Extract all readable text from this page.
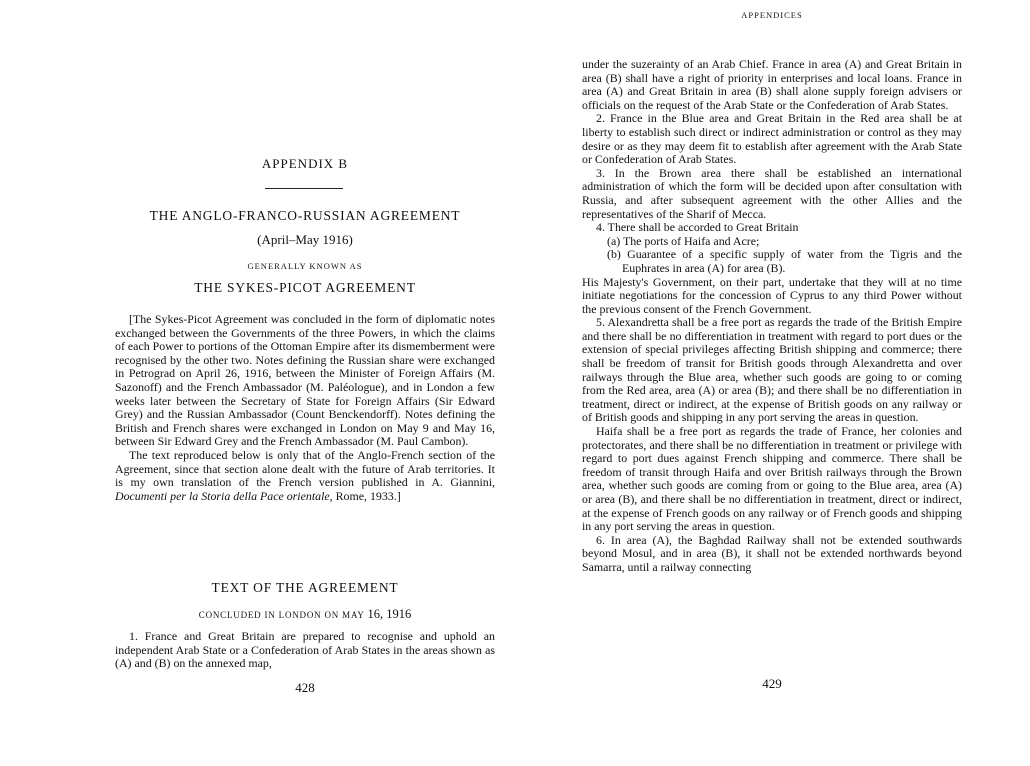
APPENDIX B
THE ANGLO-FRANCO-RUSSIAN AGREEMENT
(April–May 1916)
GENERALLY KNOWN AS
THE SYKES-PICOT AGREEMENT

[The Sykes-Picot Agreement was concluded in the form of diplomatic notes exchanged between the Governments of the three Powers, in which the claims of each Power to portions of the Ottoman Empire after its dismemberment were recognised by the other two. Notes defining the Russian share were exchanged in Petrograd on April 26, 1916, between the Minister of Foreign Affairs (M. Sazonoff) and the French Ambassador (M. Paléologue), and in London a few weeks later between the Secretary of State for Foreign Affairs (Sir Edward Grey) and the Russian Ambassador (Count Benckendorff). Notes defining the British and French shares were exchanged in London on May 9 and May 16, between Sir Edward Grey and the French Ambassador (M. Paul Cambon).

The text reproduced below is only that of the Anglo-French section of the Agreement, since that section alone dealt with the future of Arab territories. It is my own translation of the French version published in A. Giannini, Documenti per la Storia della Pace orientale, Rome, 1933.]

TEXT OF THE AGREEMENT
CONCLUDED IN LONDON ON MAY 16, 1916

1. France and Great Britain are prepared to recognise and uphold an independent Arab State or a Confederation of Arab States in the areas shown as (A) and (B) on the annexed map,

428
APPENDICES

under the suzerainty of an Arab Chief. France in area (A) and Great Britain in area (B) shall have a right of priority in enterprises and local loans. France in area (A) and Great Britain in area (B) shall alone supply foreign advisers or officials on the request of the Arab State or the Confederation of Arab States.

2. France in the Blue area and Great Britain in the Red area shall be at liberty to establish such direct or indirect administration or control as they may desire or as they may deem fit to establish after agreement with the Arab State or Confederation of Arab States.

3. In the Brown area there shall be established an international administration of which the form will be decided upon after consultation with Russia, and after subsequent agreement with the other Allies and the representatives of the Sharif of Mecca.

4. There shall be accorded to Great Britain

(a) The ports of Haifa and Acre;

(b) Guarantee of a specific supply of water from the Tigris and the Euphrates in area (A) for area (B).

His Majesty's Government, on their part, undertake that they will at no time initiate negotiations for the concession of Cyprus to any third Power without the previous consent of the French Government.

5. Alexandretta shall be a free port as regards the trade of the British Empire and there shall be no differentiation in treatment with regard to port dues or the extension of special privileges affecting British shipping and commerce; there shall be freedom of transit for British goods through Alexandretta and over railways through the Blue area, whether such goods are going to or coming from the Red area, area (A) or area (B); and there shall be no differentiation in treatment, direct or indirect, at the expense of British goods on any railway or of British goods and shipping in any port serving the areas in question.

Haifa shall be a free port as regards the trade of France, her colonies and protectorates, and there shall be no differentiation in treatment or privilege with regard to port dues against French shipping and commerce. There shall be freedom of transit through Haifa and over British railways through the Brown area, whether such goods are coming from or going to the Blue area, area (A) or area (B), and there shall be no differentiation in treatment, direct or indirect, at the expense of French goods on any railway or of French goods and shipping in any port serving the areas in question.

6. In area (A), the Baghdad Railway shall not be extended southwards beyond Mosul, and in area (B), it shall not be extended northwards beyond Samarra, until a railway connecting

429
